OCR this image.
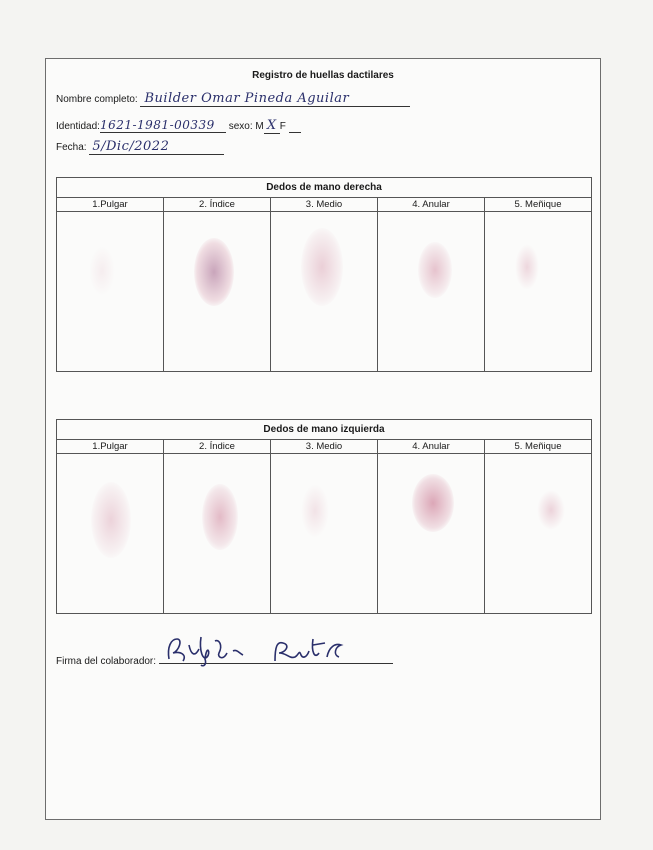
Registro de huellas dactilares
Nombre completo: Builder Omar Pineda Aguilar
Identidad:1621-1981-00339 sexo: M X F
Fecha: 5/Dic/2022
Dedos de mano derecha
1.Pulgar	2. Índice	3. Medio	4. Anular	5. Meñique
Dedos de mano izquierda
1.Pulgar	2. Índice	3. Medio	4. Anular	5. Meñique
Firma del colaborador:
